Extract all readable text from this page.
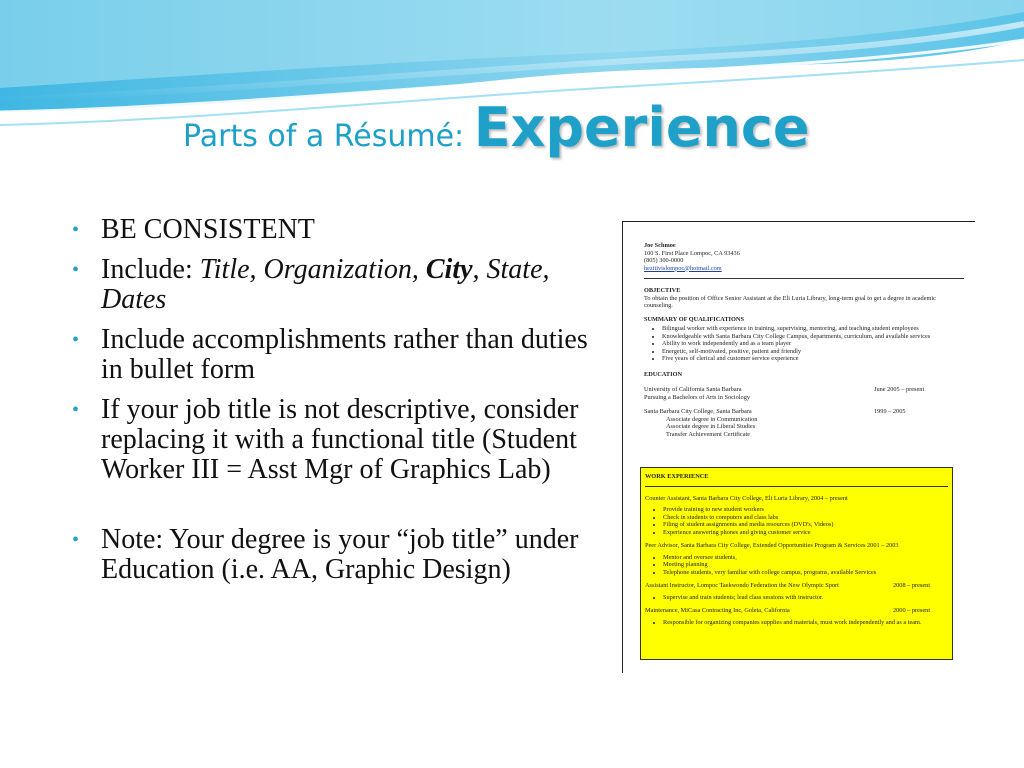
Parts of a Résumé: Experience
• BE CONSISTENT
• Include: Title, Organization, City, State, Dates
• Include accomplishments rather than duties in bullet form
• If your job title is not descriptive, consider replacing it with a functional title (Student Worker III = Asst Mgr of Graphics Lab)
• Note: Your degree is your “job title” under Education (i.e. AA, Graphic Design)
Joe Schmoe
100 S. First Place Lompoc, CA 93436
(805) 300-0000
hezitivislompoc@hotmail.com
OBJECTIVE
To obtain the position of Office Senior Assistant at the Eli Luria Library, long-term goal to get a degree in academic counseling.
SUMMARY OF QUALIFICATIONS
• Bilingual worker with experience in training, supervising, mentoring, and teaching student employees
• Knowledgeable with Santa Barbara City College Campus, departments, curriculum, and available services
• Ability to work independently and as a team player
• Energetic, self-motivated, positive, patient and friendly
• Five years of clerical and customer service experience
EDUCATION
University of California Santa Barbara	June 2005 – present
Pursuing a Bachelors of Arts in Sociology
Santa Barbara City College, Santa Barbara	1999 – 2005
Associate degree in Communication
Associate degree in Liberal Studies
Transfer Achievement Certificate
WORK EXPERIENCE
Counter Assistant, Santa Barbara City College, Eli Luria Library, 2004 – present
• Provide training to new student workers
• Check in students to computers and class labs
• Filing of student assignments and media resources (DVD's, Videos)
• Experience answering phones and giving customer service
Peer Advisor, Santa Barbara City College, Extended Opportunities Program & Services 2001 – 2003
• Mentor and oversee students,
• Meeting planning
• Telephone students, very familiar with college campus, programs, available Services
Assistant Instructor, Lompoc Taekwondo Federation the New Olympic Sport	2008 – present
• Supervise and train students; lead class sessions with instructor.
Maintenance, MiCasa Contracting Inc, Goleta, California	2000 – present
• Responsible for organizing companies supplies and materials, must work independently and as a team.
